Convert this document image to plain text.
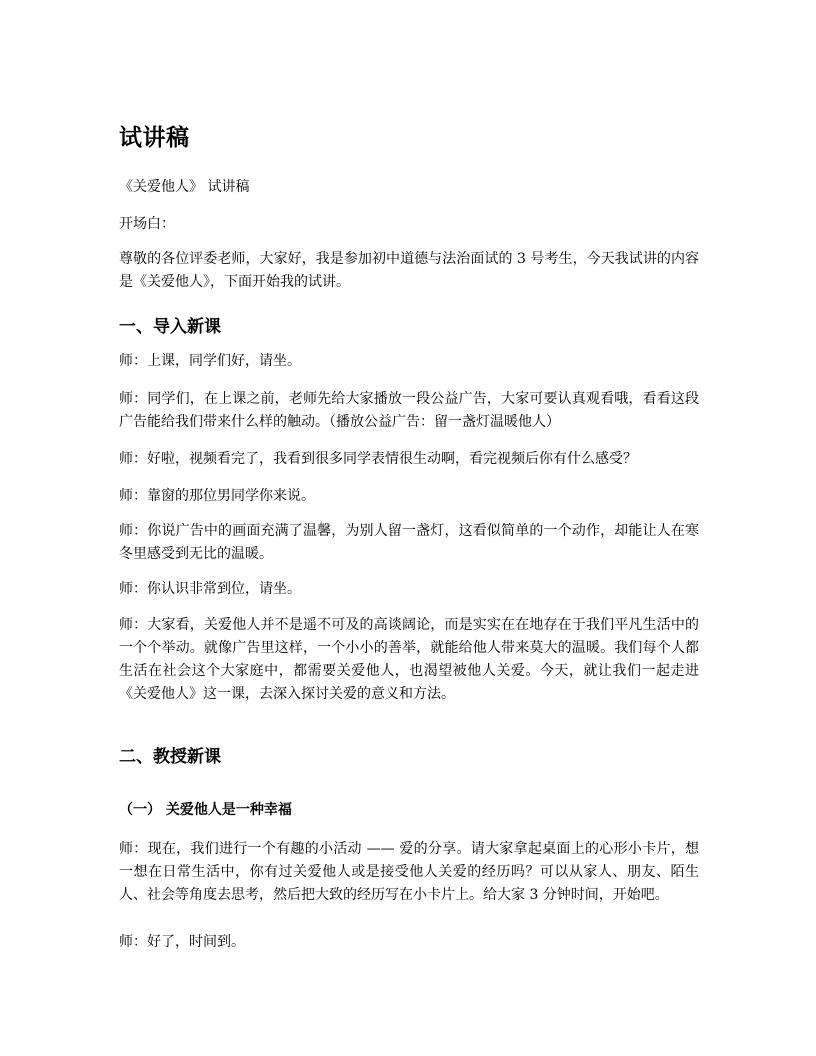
试讲稿

《关爱他人》 试讲稿

开场白：

尊敬的各位评委老师，大家好，我是参加初中道德与法治面试的 3 号考生，今天我试讲的内容是《关爱他人》，下面开始我的试讲。

一、导入新课

师：上课，同学们好，请坐。

师：同学们，在上课之前，老师先给大家播放一段公益广告，大家可要认真观看哦，看看这段广告能给我们带来什么样的触动。（播放公益广告：留一盏灯温暖他人）

师：好啦，视频看完了，我看到很多同学表情很生动啊，看完视频后你有什么感受？

师：靠窗的那位男同学你来说。

师：你说广告中的画面充满了温馨，为别人留一盏灯，这看似简单的一个动作，却能让人在寒冬里感受到无比的温暖。

师：你认识非常到位，请坐。

师：大家看，关爱他人并不是遥不可及的高谈阔论，而是实实在在地存在于我们平凡生活中的一个个举动。就像广告里这样，一个小小的善举，就能给他人带来莫大的温暖。我们每个人都生活在社会这个大家庭中，都需要关爱他人，也渴望被他人关爱。今天，就让我们一起走进《关爱他人》这一课，去深入探讨关爱的意义和方法。

二、教授新课
（一） 关爱他人是一种幸福

师：现在，我们进行一个有趣的小活动 —— 爱的分享。请大家拿起桌面上的心形小卡片，想一想在日常生活中，你有过关爱他人或是接受他人关爱的经历吗？可以从家人、朋友、陌生人、社会等角度去思考，然后把大致的经历写在小卡片上。给大家 3 分钟时间，开始吧。

师：好了，时间到。
